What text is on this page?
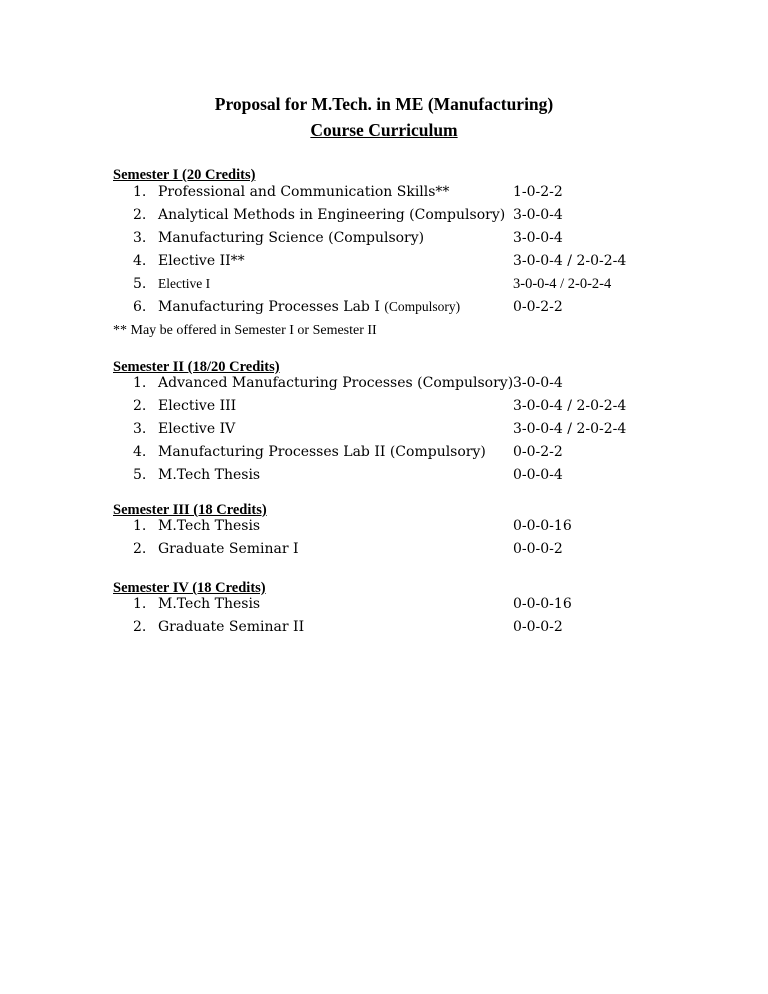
Proposal for M.Tech. in ME (Manufacturing)
Course Curriculum
Semester I (20 Credits)
1. Professional and Communication Skills**	1-0-2-2
2. Analytical Methods in Engineering (Compulsory) 3-0-0-4
3. Manufacturing Science (Compulsory)	3-0-0-4
4. Elective II**	3-0-0-4 / 2-0-2-4
5. Elective I	3-0-0-4 / 2-0-2-4
6. Manufacturing Processes Lab I (Compulsory)	0-0-2-2
** May be offered in Semester I or Semester II
Semester II (18/20 Credits)
1. Advanced Manufacturing Processes (Compulsory) 3-0-0-4
2. Elective III	3-0-0-4 / 2-0-2-4
3. Elective IV	3-0-0-4 / 2-0-2-4
4. Manufacturing Processes Lab II (Compulsory) 0-0-2-2
5. M.Tech Thesis	0-0-0-4
Semester III (18 Credits)
1. M.Tech Thesis	0-0-0-16
2. Graduate Seminar I	0-0-0-2
Semester IV (18 Credits)
1. M.Tech Thesis	0-0-0-16
2. Graduate Seminar II	0-0-0-2
